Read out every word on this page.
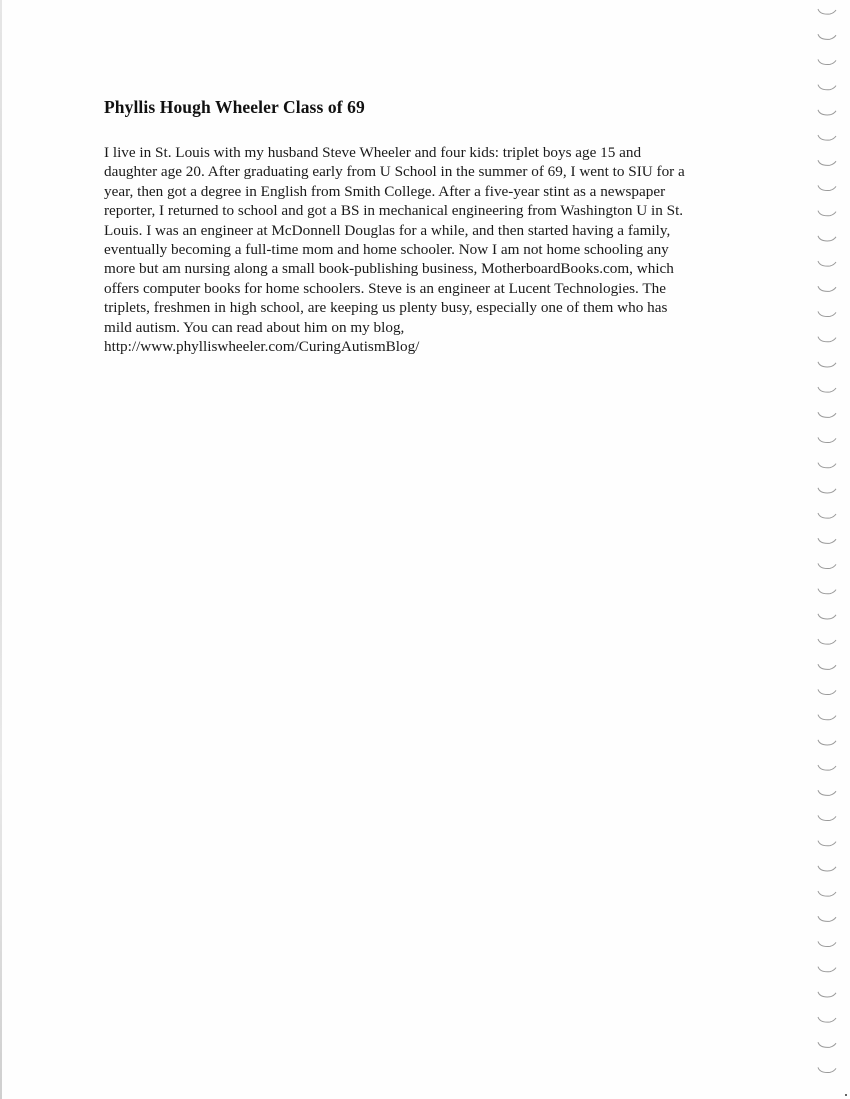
Phyllis Hough Wheeler Class of 69

I live in St. Louis with my husband Steve Wheeler and four kids: triplet boys age 15 and
daughter age 20. After graduating early from U School in the summer of 69, I went to SIU for a
year, then got a degree in English from Smith College. After a five-year stint as a newspaper
reporter, I returned to school and got a BS in mechanical engineering from Washington U in St.
Louis. I was an engineer at McDonnell Douglas for a while, and then started having a family,
eventually becoming a full-time mom and home schooler. Now I am not home schooling any
more but am nursing along a small book-publishing business, MotherboardBooks.com, which
offers computer books for home schoolers. Steve is an engineer at Lucent Technologies. The
triplets, freshmen in high school, are keeping us plenty busy, especially one of them who has
mild autism. You can read about him on my blog,
http://www.phylliswheeler.com/CuringAutismBlog/
